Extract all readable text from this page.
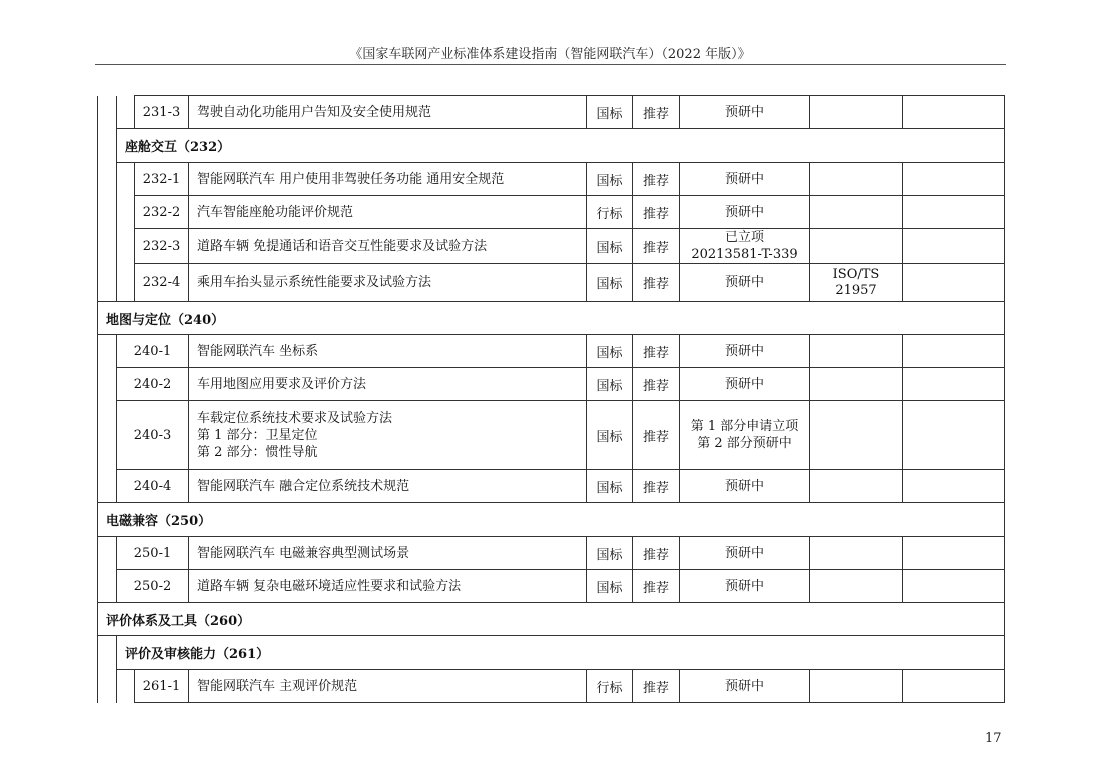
《国家车联网产业标准体系建设指南（智能网联汽车）（2022 年版）》
		231-3	驾驶自动化功能用户告知及安全使用规范	国标	推荐	预研中		

	座舱交互（232）							
		232-1	智能网联汽车 用户使用非驾驶任务功能 通用安全规范	国标	推荐	预研中		

		232-2	汽车智能座舱功能评价规范	行标	推荐	预研中		

		232-3	道路车辆 免提通话和语音交互性能要求及试验方法	国标	推荐	已立项
20213581-T-339		

		232-4	乘用车抬头显示系统性能要求及试验方法	国标	推荐	预研中	ISO/TS
21957	

地图与定位（240）								
	240-1		智能网联汽车 坐标系	国标	推荐	预研中		

	240-2		车用地图应用要求及评价方法	国标	推荐	预研中		

	240-3		车载定位系统技术要求及试验方法
第 1 部分：卫星定位
第 2 部分：惯性导航	国标	推荐	第 1 部分申请立项
第 2 部分预研中		

	240-4		智能网联汽车 融合定位系统技术规范	国标	推荐	预研中		

电磁兼容（250）								
	250-1		智能网联汽车 电磁兼容典型测试场景	国标	推荐	预研中		

	250-2		道路车辆 复杂电磁环境适应性要求和试验方法	国标	推荐	预研中		

评价体系及工具（260）								
	评价及审核能力（261）							
		261-1	智能网联汽车 主观评价规范	行标	推荐	预研中		

17
